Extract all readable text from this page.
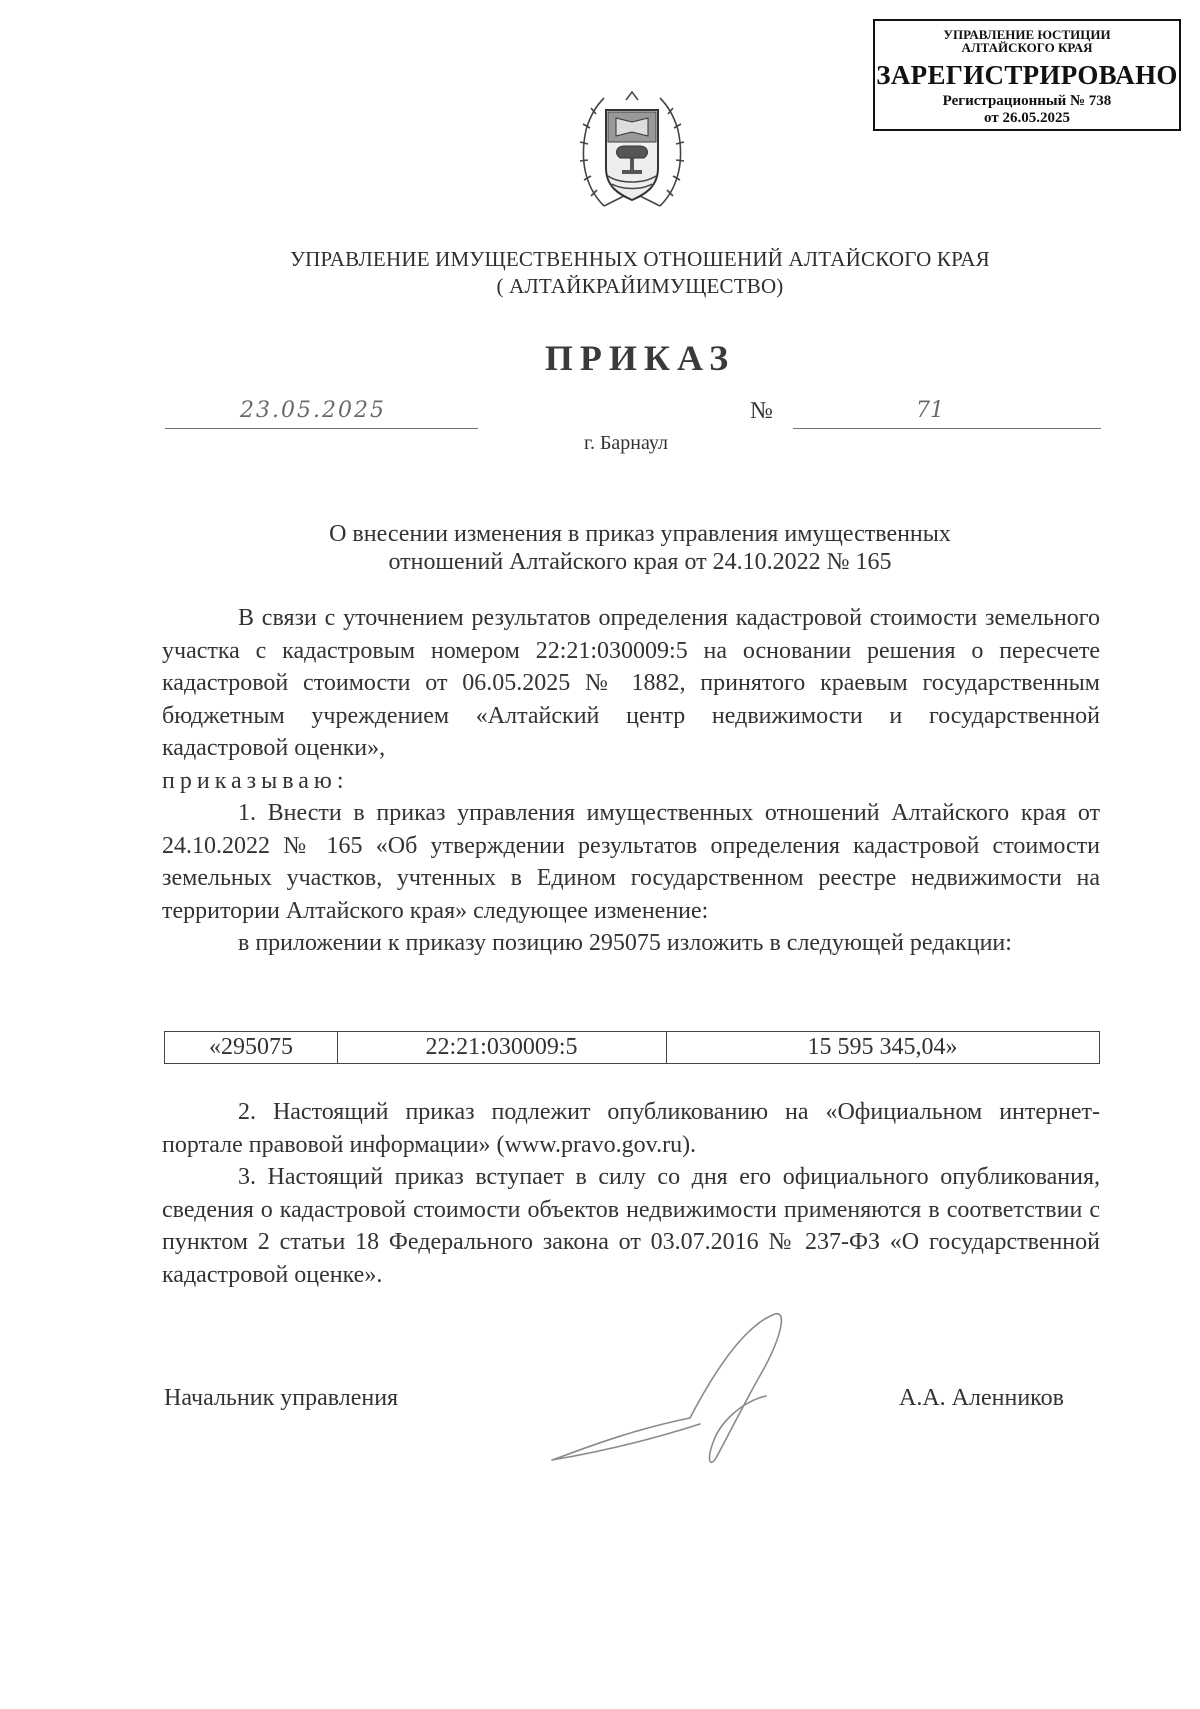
УПРАВЛЕНИЕ ЮСТИЦИИ
АЛТАЙСКОГО КРАЯ
ЗАРЕГИСТРИРОВАНО
Регистрационный № 738
от 26.05.2025
УПРАВЛЕНИЕ ИМУЩЕСТВЕННЫХ ОТНОШЕНИЙ АЛТАЙСКОГО КРАЯ
( АЛТАЙКРАЙИМУЩЕСТВО)
ПРИКАЗ
23.05.2025	№	71
г. Барнаул
О внесении изменения в приказ управления имущественных
отношений Алтайского края от 24.10.2022 № 165

В связи с уточнением результатов определения кадастровой стоимости земельного участка с кадастровым номером 22:21:030009:5 на основании решения о пересчете кадастровой стоимости от 06.05.2025 № 1882, принятого краевым государственным бюджетным учреждением «Алтайский центр недвижимости и государственной кадастровой оценки»,

приказываю:

1. Внести в приказ управления имущественных отношений Алтайского края от 24.10.2022 № 165 «Об утверждении результатов определения кадастровой стоимости земельных участков, учтенных в Едином государственном реестре недвижимости на территории Алтайского края» следующее изменение:

в приложении к приказу позицию 295075 изложить в следующей редакции:

«295075	22:21:030009:5	15 595 345,04»

2. Настоящий приказ подлежит опубликованию на «Официальном интернет-портале правовой информации» (www.pravo.gov.ru).

3. Настоящий приказ вступает в силу со дня его официального опубликования, сведения о кадастровой стоимости объектов недвижимости применяются в соответствии с пунктом 2 статьи 18 Федерального закона от 03.07.2016 № 237-ФЗ «О государственной кадастровой оценке».

Начальник управления	А.А. Аленников
